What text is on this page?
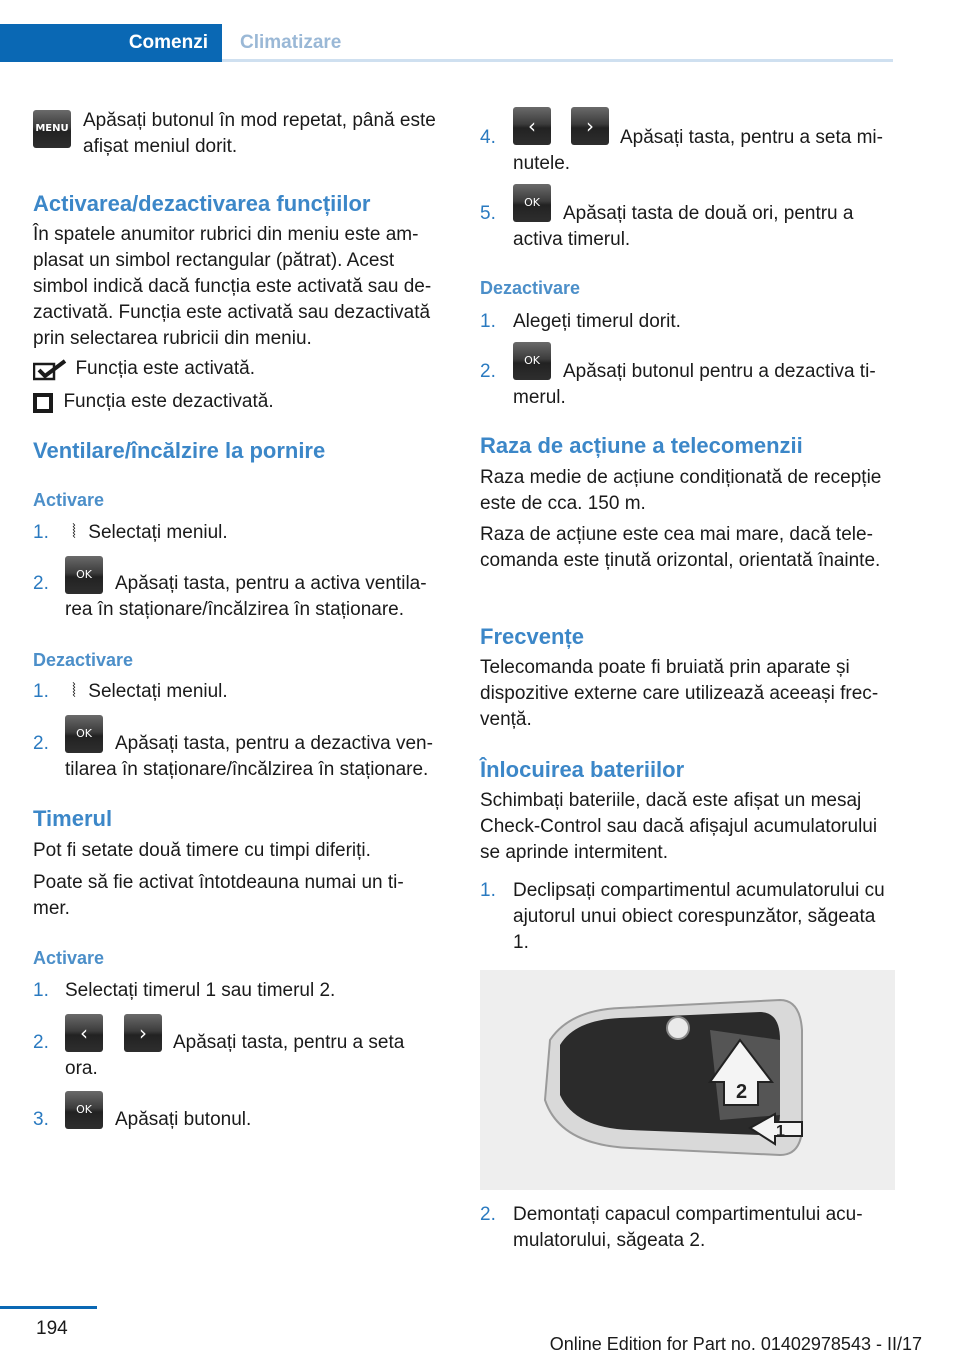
Comenzi	Climatizare
MENU Apăsați butonul în mod repetat, până este afișat meniul dorit.

Activarea/dezactivarea funcțiilor

În spatele anumitor rubrici din meniu este amplasat un simbol rectangular (pătrat). Acest simbol indică dacă funcția este activată sau dezactivată. Funcția este activată sau dezactivată prin selectarea rubricii din meniu.

Funcția este activată.
Funcția este dezactivată.
Ventilare/încălzire la pornire
Activare
1.	⦚ Selectați meniul.
2.	OK	Apăsați tasta, pentru a activa ventilarea în staționare/încălzirea în staționare.

Dezactivare
1.	⦚ Selectați meniul.
2.	OK	Apăsați tasta, pentru a dezactiva ventilarea în staționare/încălzirea în staționare.

Timerul

Pot fi setate două timere cu timpi diferiți.

Poate să fie activat întotdeauna numai un timer.

Activare
1. Selectați timerul 1 sau timerul 2.

2.	‹	›	Apăsați tasta, pentru a seta ora.

3.	OK	Apăsați butonul.

4.	‹	›	Apăsați tasta, pentru a seta minutele.

5.
OK

Apăsați tasta de două ori, pentru a activa timerul.

Dezactivare
1. Alegeți timerul dorit.

2.
OK

Apăsați butonul pentru a dezactiva timerul.

Raza de acțiune a telecomenzii

Raza medie de acțiune condiționată de recepție este de cca. 150 m.

Raza de acțiune este cea mai mare, dacă telecomanda este ținută orizontal, orientată înainte.

Frecvențe

Telecomanda poate fi bruiată prin aparate și dispozitive externe care utilizează aceeași frecvență.

Înlocuirea bateriilor

Schimbați bateriile, dacă este afișat un mesaj Check-Control sau dacă afișajul acumulatorului se aprinde intermitent.

1. Declipsați compartimentul acumulatorului cu ajutorul unui obiect corespunzător, săgeata 1.

2
1
2. Demontați capacul compartimentului acumulatorului, săgeata 2.

194
Online Edition for Part no. 01402978543 - II/17
